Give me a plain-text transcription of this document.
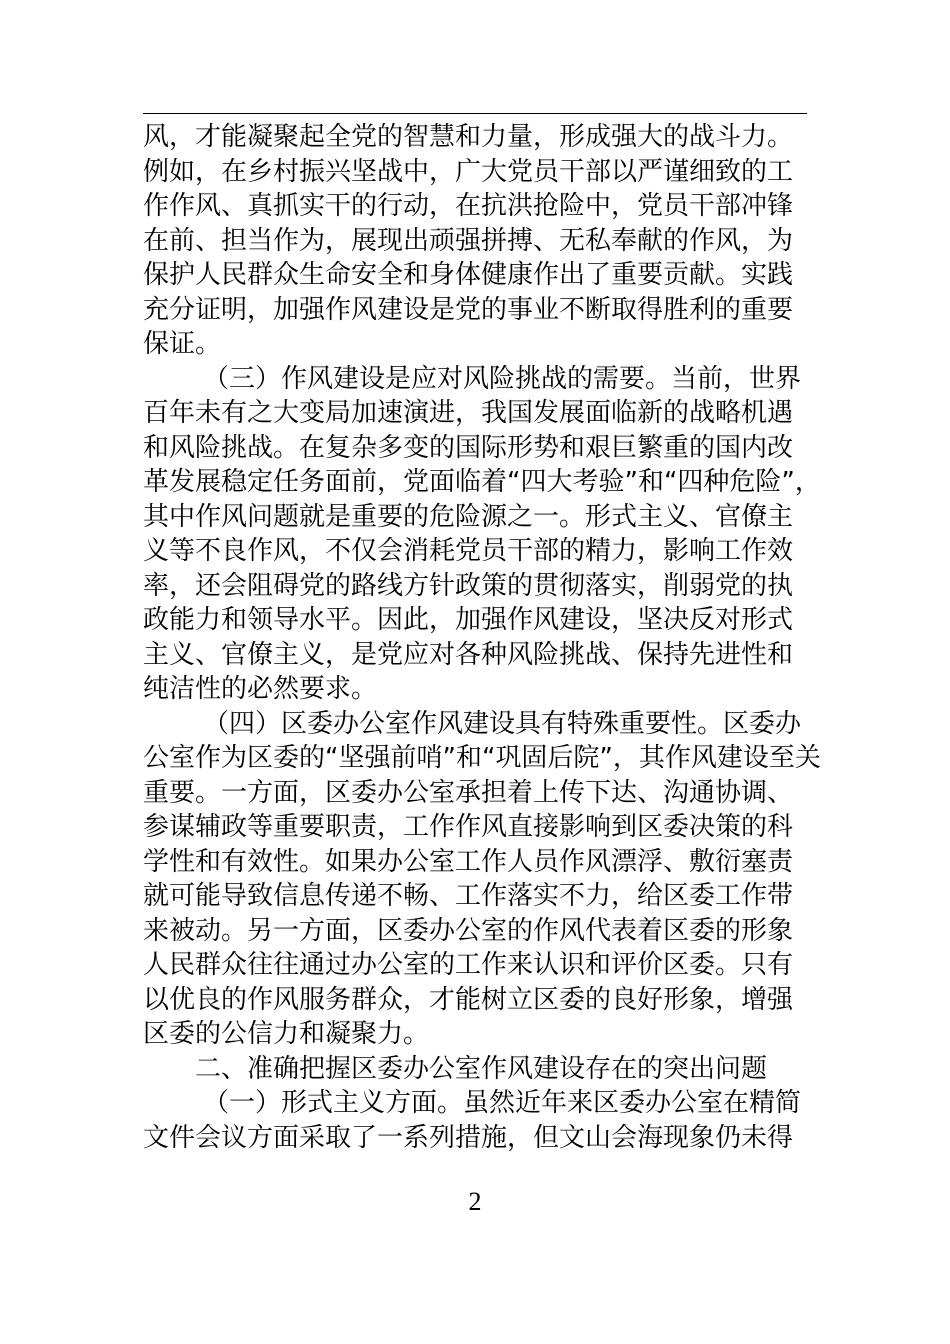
风，才能凝聚起全党的智慧和力量，形成强大的战斗力。
例如，在乡村振兴坚战中，广大党员干部以严谨细致的工
作作风、真抓实干的行动，在抗洪抢险中，党员干部冲锋
在前、担当作为，展现出顽强拼搏、无私奉献的作风，为
保护人民群众生命安全和身体健康作出了重要贡献。实践
充分证明，加强作风建设是党的事业不断取得胜利的重要
保证。
（三）作风建设是应对风险挑战的需要。当前，世界
百年未有之大变局加速演进，我国发展面临新的战略机遇
和风险挑战。在复杂多变的国际形势和艰巨繁重的国内改
革发展稳定任务面前，党面临着“四大考验”和“四种危险”，
其中作风问题就是重要的危险源之一。形式主义、官僚主
义等不良作风，不仅会消耗党员干部的精力，影响工作效
率，还会阻碍党的路线方针政策的贯彻落实，削弱党的执
政能力和领导水平。因此，加强作风建设，坚决反对形式
主义、官僚主义，是党应对各种风险挑战、保持先进性和
纯洁性的必然要求。
（四）区委办公室作风建设具有特殊重要性。区委办
公室作为区委的“坚强前哨”和“巩固后院”，其作风建设至关
重要。一方面，区委办公室承担着上传下达、沟通协调、
参谋辅政等重要职责，工作作风直接影响到区委决策的科
学性和有效性。如果办公室工作人员作风漂浮、敷衍塞责
就可能导致信息传递不畅、工作落实不力，给区委工作带
来被动。另一方面，区委办公室的作风代表着区委的形象
人民群众往往通过办公室的工作来认识和评价区委。只有
以优良的作风服务群众，才能树立区委的良好形象，增强
区委的公信力和凝聚力。
二、准确把握区委办公室作风建设存在的突出问题
（一）形式主义方面。虽然近年来区委办公室在精简
文件会议方面采取了一系列措施，但文山会海现象仍未得
2
